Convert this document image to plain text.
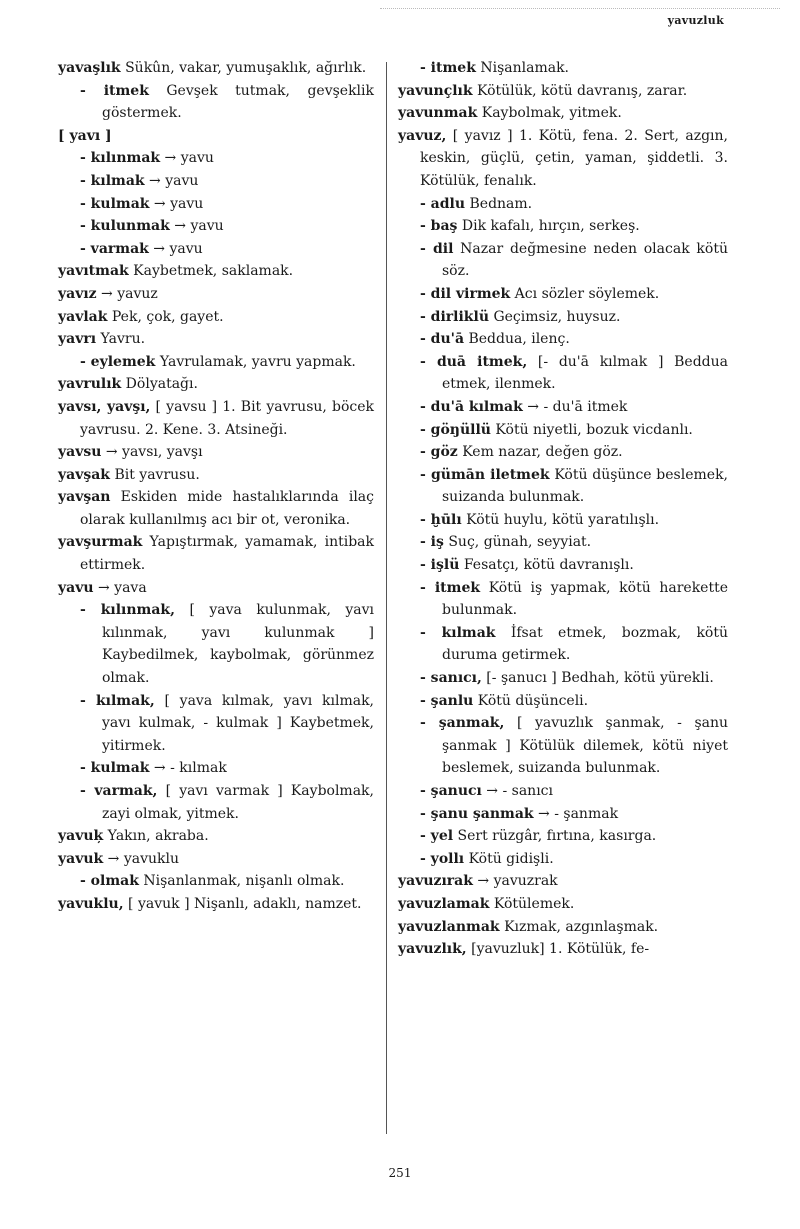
yavuzluk

yavaşlık Sükûn, vakar, yumuşaklık, ağırlık.

- itmek Gevşek tutmak, gevşeklik göstermek.

[ yavı ]

- kılınmak → yavu

- kılmak → yavu

- kulmak → yavu

- kulunmak → yavu

- varmak → yavu

yavıtmak Kaybetmek, saklamak.

yavız → yavuz

yavlak Pek, çok, gayet.

yavrı Yavru.

- eylemek Yavrulamak, yavru yapmak.

yavrulık Dölyatağı.

yavsı, yavşı, [ yavsu ] 1. Bit yavrusu, böcek yavrusu. 2. Kene. 3. Atsineği.

yavsu → yavsı, yavşı

yavşak Bit yavrusu.

yavşan Eskiden mide hastalıklarında ilaç olarak kullanılmış acı bir ot, veronika.

yavşurmak Yapıştırmak, yamamak, intibak ettirmek.

yavu → yava

- kılınmak, [ yava kulunmak, yavı kılınmak, yavı kulunmak ] Kaybedilmek, kaybolmak, görünmez olmak.

- kılmak, [ yava kılmak, yavı kılmak, yavı kulmak, - kulmak ] Kaybetmek, yitirmek.

- kulmak → - kılmak

- varmak, [ yavı varmak ] Kaybolmak, zayi olmak, yitmek.

yavuķ Yakın, akraba.

yavuk → yavuklu

- olmak Nişanlanmak, nişanlı olmak.

yavuklu, [ yavuk ] Nişanlı, adaklı, namzet.

- itmek Nişanlamak.

yavunçlık Kötülük, kötü davranış, zarar.

yavunmak Kaybolmak, yitmek.

yavuz, [ yavız ] 1. Kötü, fena. 2. Sert, azgın, keskin, güçlü, çetin, yaman, şiddetli. 3. Kötülük, fenalık.

- adlu Bednam.

- baş Dik kafalı, hırçın, serkeş.

- dil Nazar değmesine neden olacak kötü söz.

- dil virmek Acı sözler söylemek.

- dirliklü Geçimsiz, huysuz.

- du'ā Beddua, ilenç.

- duā itmek, [- du'ā kılmak ] Beddua etmek, ilenmek.

- du'ā kılmak → - du'ā itmek

- göŋüllü Kötü niyetli, bozuk vicdanlı.

- göz Kem nazar, değen göz.

- gümān iletmek Kötü düşünce beslemek, suizanda bulunmak.

- ḫūlı Kötü huylu, kötü yaratılışlı.

- iş Suç, günah, seyyiat.

- işlü Fesatçı, kötü davranışlı.

- itmek Kötü iş yapmak, kötü harekette bulunmak.

- kılmak İfsat etmek, bozmak, kötü duruma getirmek.

- sanıcı, [- şanucı ] Bedhah, kötü yürekli.

- şanlu Kötü düşünceli.

- şanmak, [ yavuzlık şanmak, - şanu şanmak ] Kötülük dilemek, kötü niyet beslemek, suizanda bulunmak.

- şanucı → - sanıcı

- şanu şanmak → - şanmak

- yel Sert rüzgâr, fırtına, kasırga.

- yollı Kötü gidişli.

yavuzırak → yavuzrak

yavuzlamak Kötülemek.

yavuzlanmak Kızmak, azgınlaşmak.

yavuzlık, [yavuzluk] 1. Kötülük, fe-

251
